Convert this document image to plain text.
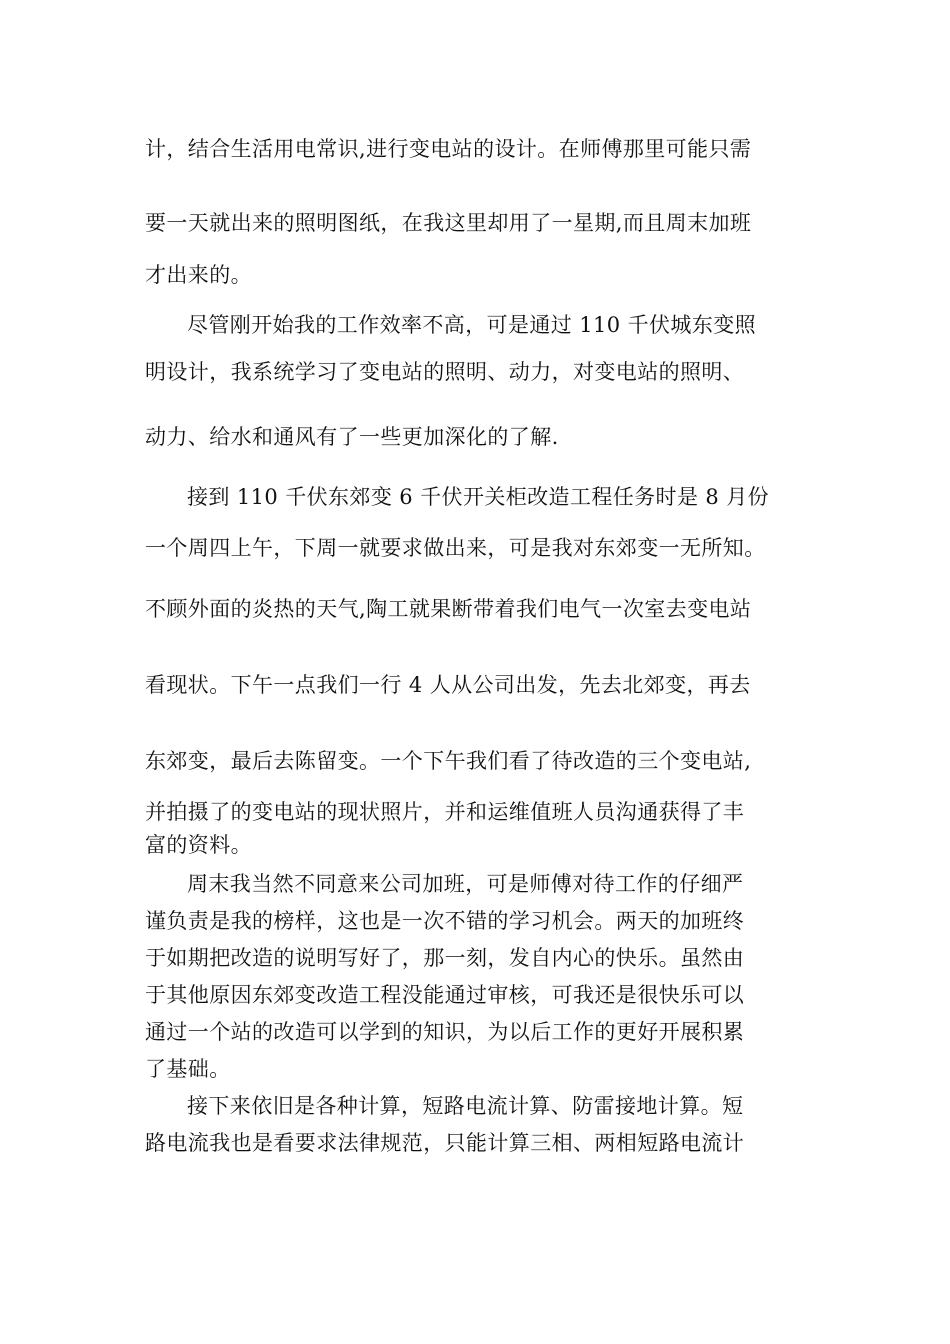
计，结合生活用电常识,进行变电站的设计。在师傅那里可能只需
要一天就出来的照明图纸，在我这里却用了一星期,而且周末加班
才出来的。
尽管刚开始我的工作效率不高，可是通过 110 千伏城东变照
明设计，我系统学习了变电站的照明、动力，对变电站的照明、
动力、给水和通风有了一些更加深化的了解.
接到 110 千伏东郊变 6 千伏开关柜改造工程任务时是 8 月份
一个周四上午，下周一就要求做出来，可是我对东郊变一无所知。
不顾外面的炎热的天气,陶工就果断带着我们电气一次室去变电站
看现状。下午一点我们一行 4 人从公司出发，先去北郊变，再去
东郊变，最后去陈留变。一个下午我们看了待改造的三个变电站,
并拍摄了的变电站的现状照片，并和运维值班人员沟通获得了丰
富的资料。
周末我当然不同意来公司加班，可是师傅对待工作的仔细严
谨负责是我的榜样，这也是一次不错的学习机会。两天的加班终
于如期把改造的说明写好了，那一刻，发自内心的快乐。虽然由
于其他原因东郊变改造工程没能通过审核，可我还是很快乐可以
通过一个站的改造可以学到的知识，为以后工作的更好开展积累
了基础。
接下来依旧是各种计算，短路电流计算、防雷接地计算。短
路电流我也是看要求法律规范，只能计算三相、两相短路电流计
